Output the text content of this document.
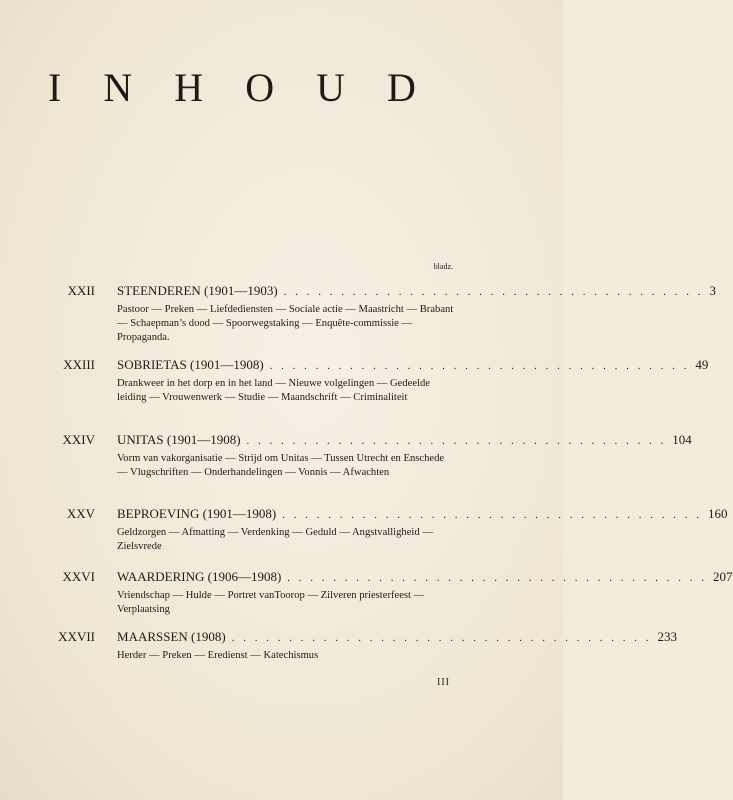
I N H O U D
bladz.
XXII STEENDEREN (1901—1903) . . . . . . . . . . . . . . . . . . . . . . . . . . . . . . . . . . . . . 3
Pastoor — Preken — Liefdediensten — Sociale actie — Maastricht — Brabant — Schaepman’s dood — Spoorwegstaking — Enquête-commissie — Propaganda.
XXIII SOBRIETAS (1901—1908) . . . . . . . . . . . . . . . . . . . . . . . . . . . . . . . . . . . . . 49
Drankweer in het dorp en in het land — Nieuwe volgelingen — Gedeelde leiding — Vrouwenwerk — Studie — Maandschrift — Criminaliteit
XXIV UNITAS (1901—1908) . . . . . . . . . . . . . . . . . . . . . . . . . . . . . . . . . . . . . 104
Vorm van vakorganisatie — Strijd om Unitas — Tussen Utrecht en Enschede — Vlugschriften — Onderhandelingen — Vonnis — Afwachten
XXV BEPROEVING (1901—1908) . . . . . . . . . . . . . . . . . . . . . . . . . . . . . . . . . . . . . 160
Geldzorgen — Afmatting — Verdenking — Geduld — Angstvalligheid — Zielsvrede
XXVI WAARDERING (1906—1908) . . . . . . . . . . . . . . . . . . . . . . . . . . . . . . . . . . . . . 207
Vriendschap — Hulde — Portret vanToorop — Zilveren priesterfeest — Verplaatsing
XXVII MAARSSEN (1908) . . . . . . . . . . . . . . . . . . . . . . . . . . . . . . . . . . . . . 233
Herder — Preken — Eredienst — Katechismus
III
